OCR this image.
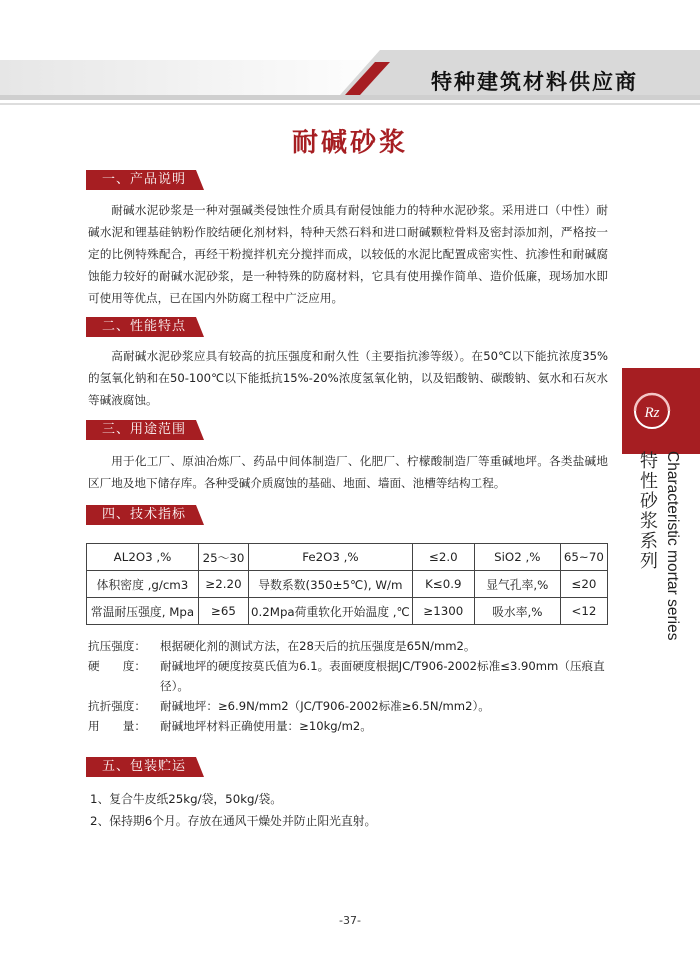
特种建筑材料供应商
耐碱砂浆
一、产品说明

耐碱水泥砂浆是一种对强碱类侵蚀性介质具有耐侵蚀能力的特种水泥砂浆。采用进口（中性）耐碱水泥和锂基硅钠粉作胶结硬化剂材料，特种天然石料和进口耐碱颗粒骨料及密封添加剂，严格按一定的比例特殊配合，再经干粉搅拌机充分搅拌而成，以较低的水泥比配置成密实性、抗渗性和耐碱腐蚀能力较好的耐碱水泥砂浆，是一种特殊的防腐材料，它具有使用操作简单、造价低廉，现场加水即可使用等优点，已在国内外防腐工程中广泛应用。

二、性能特点

高耐碱水泥砂浆应具有较高的抗压强度和耐久性（主要指抗渗等级）。在50℃以下能抗浓度35%的氢氧化钠和在50-100℃以下能抵抗15%-20%浓度氢氧化钠，以及铝酸钠、碳酸钠、氨水和石灰水等碱液腐蚀。

三、用途范围

用于化工厂、原油冶炼厂、药品中间体制造厂、化肥厂、柠檬酸制造厂等重碱地坪。各类盐碱地区厂地及地下储存库。各种受碱介质腐蚀的基础、地面、墙面、池槽等结构工程。

四、技术指标
AL2O3 ,%	25～30	Fe2O3 ,%	≤2.0	SiO2 ,%	65~70
体积密度 ,g/cm3	≥2.20	导数系数(350±5℃), W/m	K≤0.9	显气孔率,%	≤20
常温耐压强度, Mpa	≥65	0.2Mpa荷重软化开始温度 ,℃	≥1300	吸水率,%	<12
抗压强度：	根据硬化剂的测试方法，在28天后的抗压强度是65N/mm2。
硬　　度：	耐碱地坪的硬度按莫氏值为6.1。表面硬度根据JC/T906-2002标准≤3.90mm（压痕直径）。
抗折强度：	耐碱地坪：≥6.9N/mm2（JC/T906-2002标准≥6.5N/mm2）。
用　　量：	耐碱地坪材料正确使用量：≥10kg/m2。
五、包装贮运
1、复合牛皮纸25kg/袋，50kg/袋。
2、保持期6个月。存放在通风干燥处并防止阳光直射。
Rz
特性砂浆系列 Characteristic mortar series
-37-
